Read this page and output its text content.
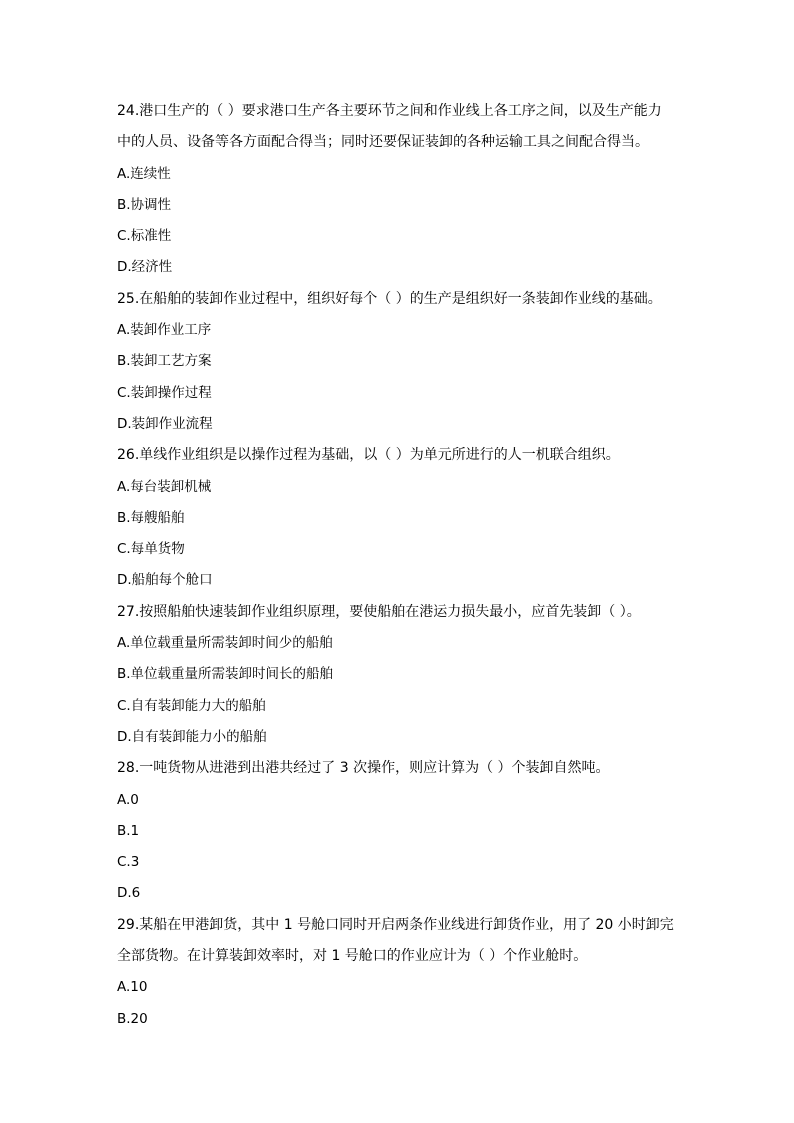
24.港口生产的（ ）要求港口生产各主要环节之间和作业线上各工序之间，以及生产能力
中的人员、设备等各方面配合得当；同时还要保证装卸的各种运输工具之间配合得当。
A.连续性
B.协调性
C.标准性
D.经济性
25.在船舶的装卸作业过程中，组织好每个（ ）的生产是组织好一条装卸作业线的基础。
A.装卸作业工序
B.装卸工艺方案
C.装卸操作过程
D.装卸作业流程
26.单线作业组织是以操作过程为基础，以（ ）为单元所进行的人一机联合组织。
A.每台装卸机械
B.每艘船舶
C.每单货物
D.船舶每个舱口
27.按照船舶快速装卸作业组织原理，要使船舶在港运力损失最小，应首先装卸（ ）。
A.单位载重量所需装卸时间少的船舶
B.单位载重量所需装卸时间长的船舶
C.自有装卸能力大的船舶
D.自有装卸能力小的船舶
28.一吨货物从进港到出港共经过了 3 次操作，则应计算为（ ）个装卸自然吨。
A.0
B.1
C.3
D.6
29.某船在甲港卸货，其中 1 号舱口同时开启两条作业线进行卸货作业，用了 20 小时卸完
全部货物。在计算装卸效率时，对 1 号舱口的作业应计为（ ）个作业舱时。
A.10
B.20
